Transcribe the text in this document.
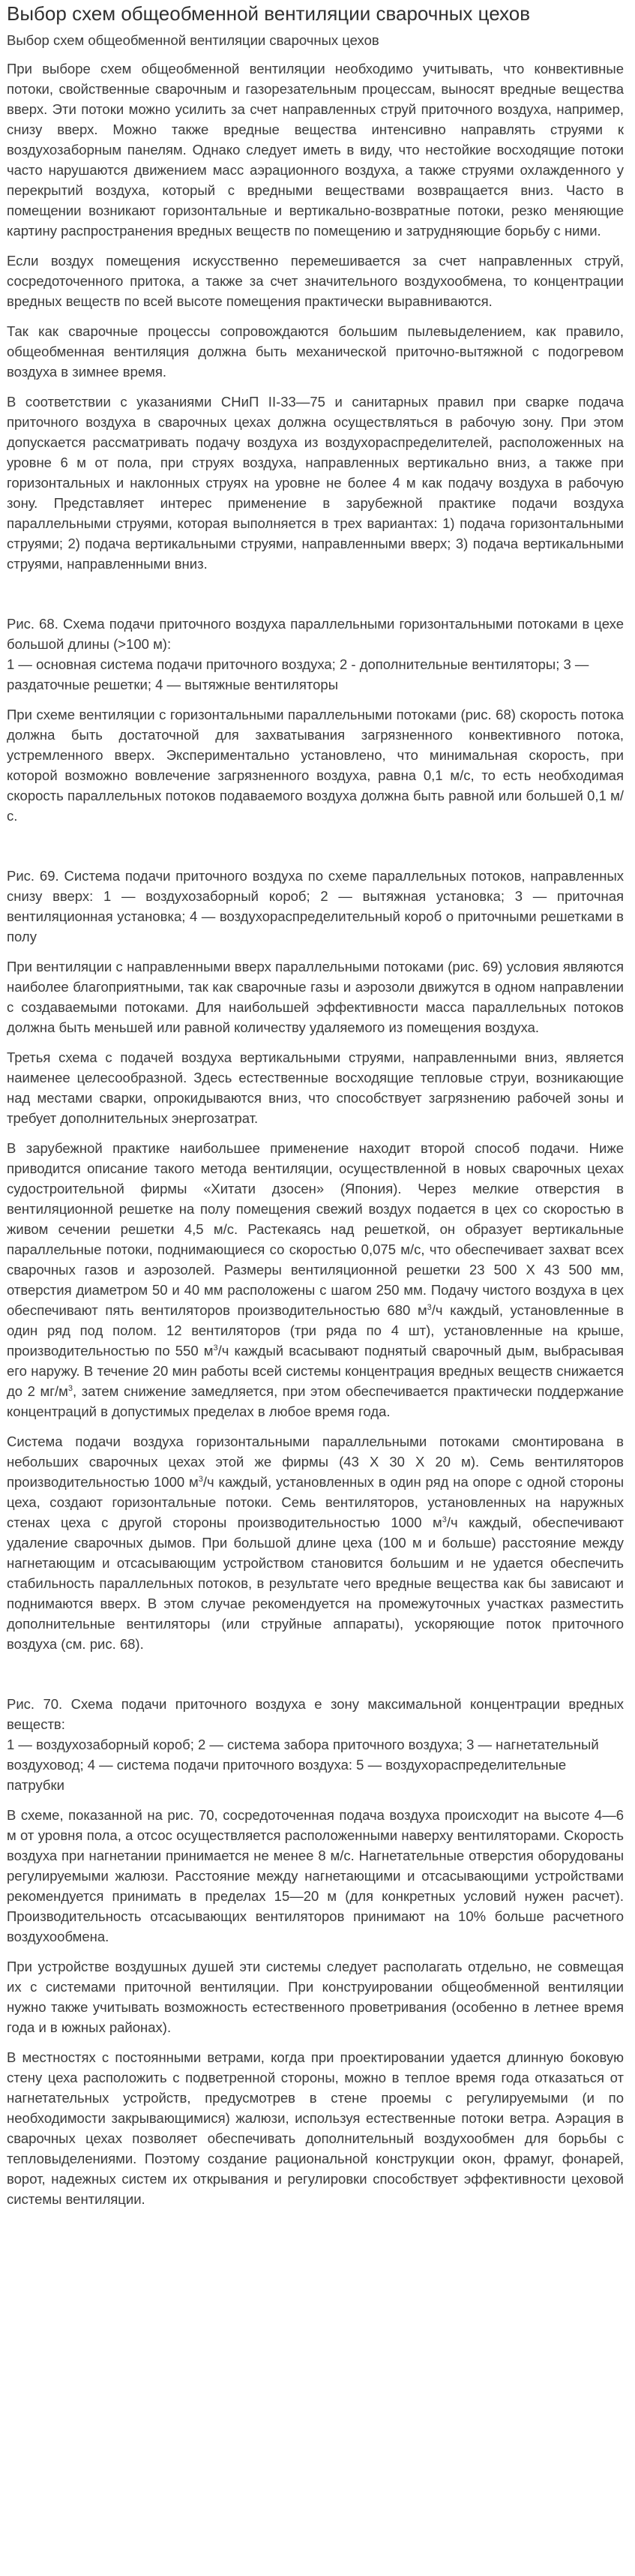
Выбор схем общеобменной вентиляции сварочных цехов
Выбор схем общеобменной вентиляции сварочных цехов

При выборе схем общеобменной вентиляции необходимо учитывать, что конвективные потоки, свойственные сварочным и газорезательным процессам, выносят вредные вещества вверх. Эти потоки можно усилить за счет направленных струй приточного воздуха, например, снизу вверх. Можно также вредные вещества интенсивно направлять струями к воздухозаборным панелям. Однако следует иметь в виду, что нестойкие восходящие потоки часто нарушаются движением масс аэрационного воздуха, а также струями охлажденного у перекрытий воздуха, который с вредными веществами возвращается вниз. Часто в помещении возникают горизонтальные и вертикально-возвратные потоки, резко меняющие картину распространения вредных веществ по помещению и затрудняющие борьбу с ними.

Если воздух помещения искусственно перемешивается за счет направленных струй, сосредоточенного притока, а также за счет значительного воздухообмена, то концентрации вредных веществ по всей высоте помещения практически выравниваются.

Так как сварочные процессы сопровождаются большим пылевыделением, как правило, общеобменная вентиляция должна быть механической приточно-вытяжной с подогревом воздуха в зимнее время.

В соответствии с указаниями СНиП II-33—75 и санитарных правил при сварке подача приточного воздуха в сварочных цехах должна осуществляться в рабочую зону. При этом допускается рассматривать подачу воздуха из воздухораспределителей, расположенных на уровне 6 м от пола, при струях воздуха, направленных вертикально вниз, а также при горизонтальных и наклонных струях на уровне не более 4 м как подачу воздуха в рабочую зону. Представляет интерес применение в зарубежной практике подачи воздуха параллельными струями, которая выполняется в трех вариантах: 1) подача горизонтальными струями; 2) подача вертикальными струями, направленными вверх; 3) подача вертикальными струями, направленными вниз.

Рис. 68. Схема подачи приточного воздуха параллельными горизонтальными потоками в цехе большой длины (>100 м):

1 — основная система подачи приточного воздуха; 2 - дополнительные вентиляторы; 3 — раздаточные решетки; 4 — вытяжные вентиляторы

При схеме вентиляции с горизонтальными параллельными потоками (рис. 68) скорость потока должна быть достаточной для захватывания загрязненного конвективного потока, устремленного вверх. Экспериментально установлено, что минимальная скорость, при которой возможно вовлечение загрязненного воздуха, равна 0,1 м/с, то есть необходимая скорость параллельных потоков подаваемого воздуха должна быть равной или большей 0,1 м/с.

Рис. 69. Система подачи приточного воздуха по схеме параллельных потоков, направленных снизу вверх: 1 — воздухозаборный короб; 2 — вытяжная установка; 3 — приточная вентиляционная установка; 4 — воздухораспределительный короб о приточными решетками в полу

При вентиляции с направленными вверх параллельными потоками (рис. 69) условия являются наиболее благоприятными, так как сварочные газы и аэрозоли движутся в одном направлении с создаваемыми потоками. Для наибольшей эффективности масса параллельных потоков должна быть меньшей или равной количеству удаляемого из помещения воздуха.

Третья схема с подачей воздуха вертикальными струями, направленными вниз, является наименее целесообразной. Здесь естественные восходящие тепловые струи, возникающие над местами сварки, опрокидываются вниз, что способствует загрязнению рабочей зоны и требует дополнительных энергозатрат.

В зарубежной практике наибольшее применение находит второй способ подачи. Ниже приводится описание такого метода вентиляции, осуществленной в новых сварочных цехах судостроительной фирмы «Хитати дзосен» (Япония). Через мелкие отверстия в вентиляционной решетке на полу помещения свежий воздух подается в цех со скоростью в живом сечении решетки 4,5 м/с. Растекаясь над решеткой, он образует вертикальные параллельные потоки, поднимающиеся со скоростью 0,075 м/с, что обеспечивает захват всех сварочных газов и аэрозолей. Размеры вентиляционной решетки 23 500 X 43 500 мм, отверстия диаметром 50 и 40 мм расположены с шагом 250 мм. Подачу чистого воздуха в цех обеспечивают пять вентиляторов производительностью 680 $м^3/ч$ каждый, установленные в один ряд под полом. 12 вентиляторов (три ряда по 4 шт), установленные на крыше, производительностью по 550 $м^3/ч$ каждый всасывают поднятый сварочный дым, выбрасывая его наружу. В течение 20 мин работы всей системы концентрация вредных веществ снижается до 2 $мг/м^3$, затем снижение замедляется, при этом обеспечивается практически поддержание концентраций в допустимых пределах в любое время года.

Система подачи воздуха горизонтальными параллельными потоками смонтирована в небольших сварочных цехах этой же фирмы (43 X 30 X 20 м). Семь вентиляторов производительностью 1000 $м^3/ч$ каждый, установленных в один ряд на опоре с одной стороны цеха, создают горизонтальные потоки. Семь вентиляторов, установленных на наружных стенах цеха с другой стороны производительностью 1000 $м^3/ч$ каждый, обеспечивают удаление сварочных дымов. При большой длине цеха (100 м и больше) расстояние между нагнетающим и отсасывающим устройством становится большим и не удается обеспечить стабильность параллельных потоков, в результате чего вредные вещества как бы зависают и поднимаются вверх. В этом случае рекомендуется на промежуточных участках разместить дополнительные вентиляторы (или струйные аппараты), ускоряющие поток приточного воздуха (см. рис. 68).

Рис. 70. Схема подачи приточного воздуха е зону максимальной концентрации вредных веществ:

1 — воздухозаборный короб; 2 — система забора приточного воздуха; 3 — нагнетательный воздуховод; 4 — система подачи приточного воздуха: 5 — воздухораспределительные патрубки

В схеме, показанной на рис. 70, сосредоточенная подача воздуха происходит на высоте 4—6 м от уровня пола, а отсос осуществляется расположенными наверху вентиляторами. Скорость воздуха при нагнетании принимается не менее 8 м/с. Нагнетательные отверстия оборудованы регулируемыми жалюзи. Расстояние между нагнетающими и отсасывающими устройствами рекомендуется принимать в пределах 15—20 м (для конкретных условий нужен расчет). Производительность отсасывающих вентиляторов принимают на 10% больше расчетного воздухообмена.

При устройстве воздушных душей эти системы следует располагать отдельно, не совмещая их с системами приточной вентиляции. При конструировании общеобменной вентиляции нужно также учитывать возможность естественного проветривания (особенно в летнее время года и в южных районах).

В местностях с постоянными ветрами, когда при проектировании удается длинную боковую стену цеха расположить с подветренной стороны, можно в теплое время года отказаться от нагнетательных устройств, предусмотрев в стене проемы с регулируемыми (и по необходимости закрывающимися) жалюзи, используя естественные потоки ветра. Аэрация в сварочных цехах позволяет обеспечивать дополнительный воздухообмен для борьбы с тепловыделениями. Поэтому создание рациональной конструкции окон, фрамуг, фонарей, ворот, надежных систем их открывания и регулировки способствует эффективности цеховой системы вентиляции.
